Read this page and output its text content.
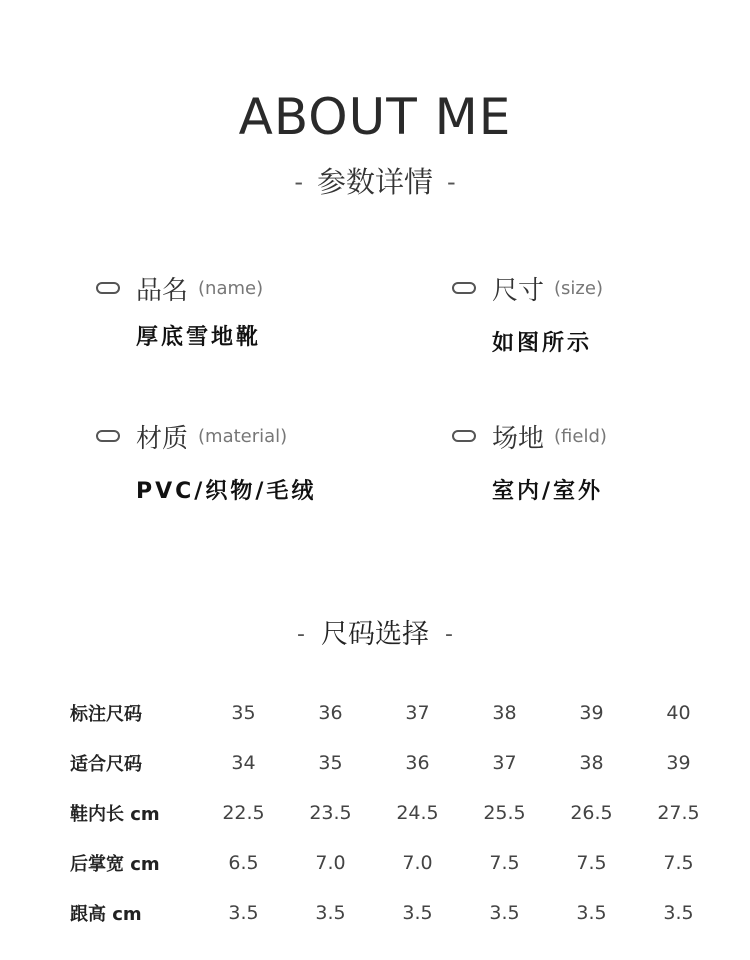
ABOUT ME
- 参数详情 -
品名 (name)
厚底雪地靴
尺寸 (size)
如图所示
材质 (material)
PVC/织物/毛绒
场地 (field)
室内/室外
- 尺码选择 -
标注尺码	35	36	37	38	39	40
适合尺码	34	35	36	37	38	39
鞋内长 cm	22.5	23.5	24.5	25.5	26.5	27.5
后掌宽 cm	6.5	7.0	7.0	7.5	7.5	7.5
跟高 cm	3.5	3.5	3.5	3.5	3.5	3.5
